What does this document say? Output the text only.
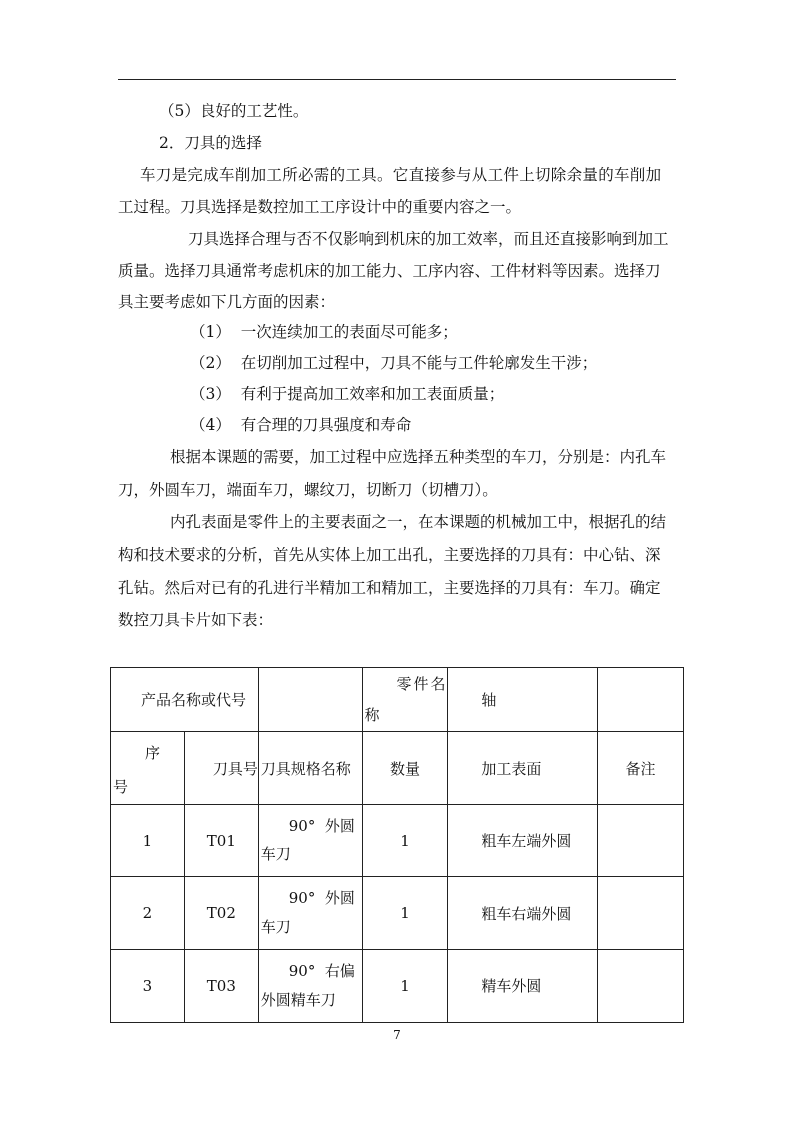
（5）良好的工艺性。
2．刀具的选择
车刀是完成车削加工所必需的工具。它直接参与从工件上切除余量的车削加
工过程。刀具选择是数控加工工序设计中的重要内容之一。
刀具选择合理与否不仅影响到机床的加工效率，而且还直接影响到加工
质量。选择刀具通常考虑机床的加工能力、工序内容、工件材料等因素。选择刀
具主要考虑如下几方面的因素：
（1）  一次连续加工的表面尽可能多；
（2）  在切削加工过程中，刀具不能与工件轮廓发生干涉；
（3）  有利于提高加工效率和加工表面质量；
（4）  有合理的刀具强度和寿命
根据本课题的需要，加工过程中应选择五种类型的车刀，分别是：内孔车
刀，外圆车刀，端面车刀，螺纹刀，切断刀（切槽刀）。
内孔表面是零件上的主要表面之一，在本课题的机械加工中，根据孔的结
构和技术要求的分析，首先从实体上加工出孔，主要选择的刀具有：中心钻、深
孔钻。然后对已有的孔进行半精加工和精加工，主要选择的刀具有：车刀。确定
数控刀具卡片如下表：
产品名称或代号			零件名
称	轴	

序
号	刀具号	刀具规格名称	数量	加工表面	备注
1	T01	90°  外圆
车刀	1	粗车左端外圆	

2	T02	90°  外圆
车刀	1	粗车右端外圆	

3	T03	90°  右偏
外圆精车刀	1	精车外圆	

7
